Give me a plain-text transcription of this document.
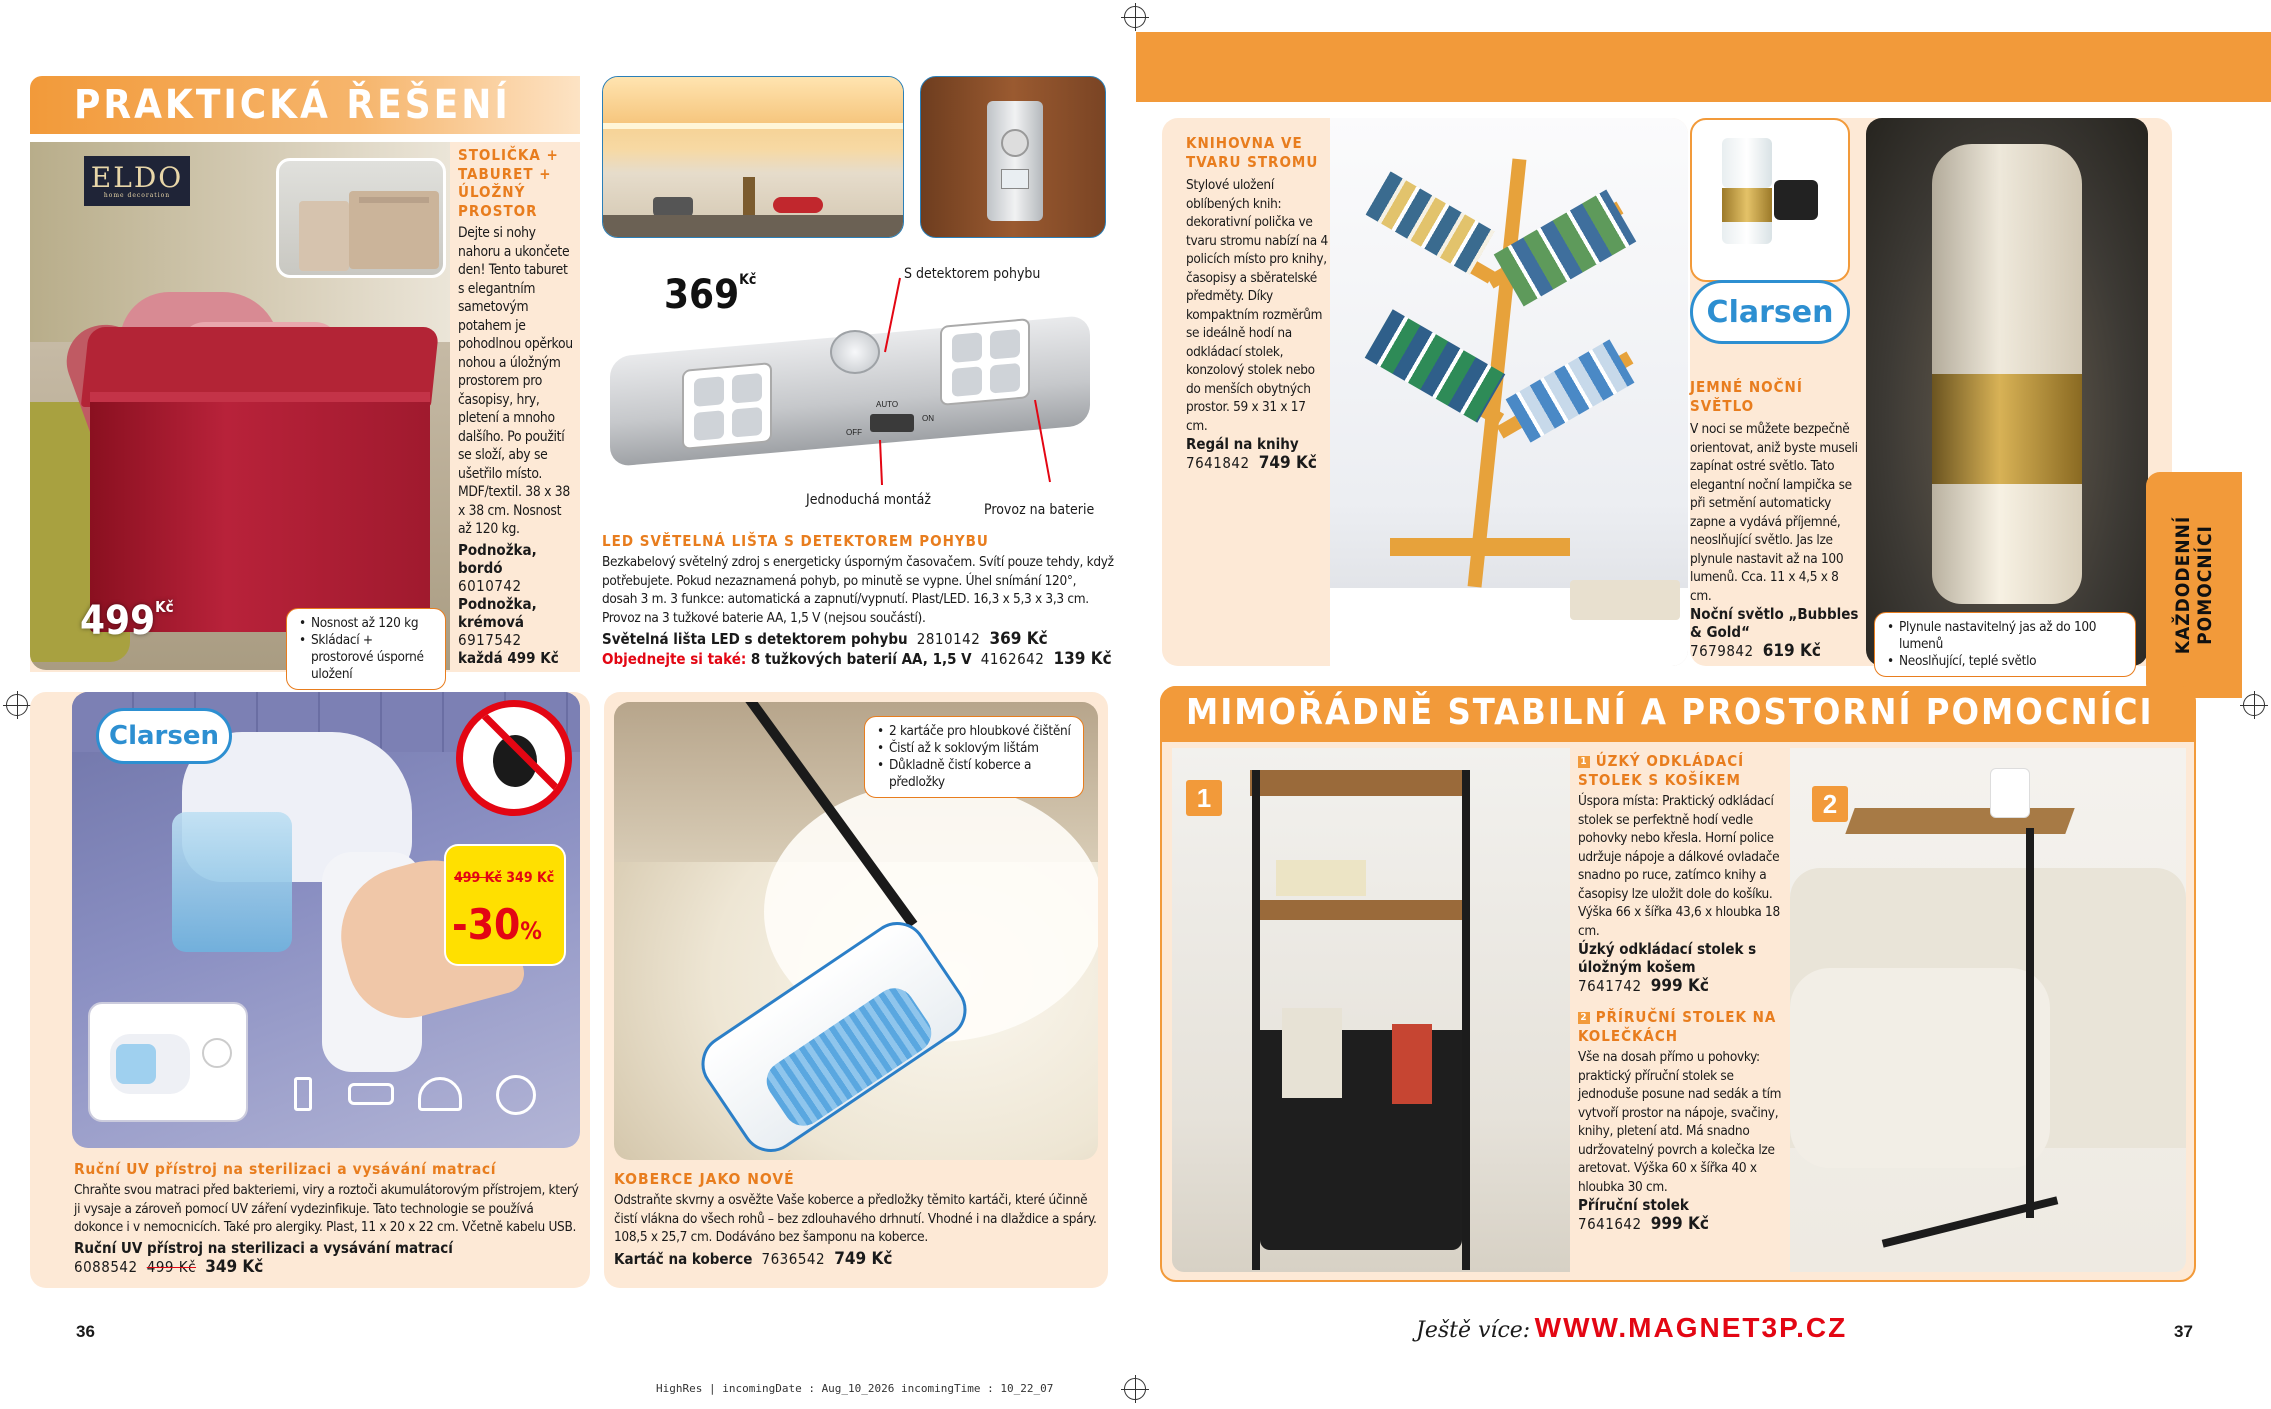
PRAKTICKÁ ŘEŠENÍ
ELDO
home decoration
$499^{Kč}$
• Nosnost až 120 kg
• Skládací + prostorové úsporné uložení
STOLIČKA + TABURET + ÚLOŽNÝ PROSTOR
Dejte si nohy nahoru a ukončete den! Tento taburet s elegantním sametovým potahem je pohodlnou opěrkou nohou a úložným prostorem pro časopisy, hry, pletení a mnoho dalšího. Po použití se složí, aby se ušetřilo místo. MDF/textil. 38 x 38 x 38 cm. Nosnost až 120 kg.
Podnožka, bordó
6010742
Podnožka, krémová
6917542
každá 499 Kč
$369^{Kč}$	S detektorem pohybu
AUTO
OFF
ON
Jednoduchá montáž
Provoz na baterie
LED SVĚTELNÁ LIŠTA S DETEKTOREM POHYBU
Bezkabelový světelný zdroj s energeticky úsporným časovačem. Svítí pouze tehdy, když potřebujete. Pokud nezaznamená pohyb, po minutě se vypne. Úhel snímání 120°, dosah 3 m. 3 funkce: automatická a zapnutí/vypnutí. Plast/LED. 16,3 x 5,3 x 3,3 cm. Provoz na 3 tužkové baterie AA, 1,5 V (nejsou součástí).
Světelná lišta LED s detektorem pohybu 2810142 369 Kč
Objednejte si také: 8 tužkových baterií AA, 1,5 V 4162642 139 Kč
Clarsen
499 Kč 349 Kč
-30%
Ruční UV přístroj na sterilizaci a vysávání matrací
Chraňte svou matraci před bakteriemi, viry a roztoči akumulátorovým přístrojem, který ji vysaje a zároveň pomocí UV záření vydezinfikuje. Tato technologie se používá dokonce i v nemocnicích. Také pro alergiky. Plast, 11 x 20 x 22 cm. Včetně kabelu USB.
Ruční UV přístroj na sterilizaci a vysávání matrací
6088542 499 Kč 349 Kč
• 2 kartáče pro hloubkové čištění
• Čistí až k soklovým lištám
• Důkladně čistí koberce a předložky
KOBERCE JAKO NOVÉ
Odstraňte skvrny a osvěžte Vaše koberce a předložky těmito kartáči, které účinně čistí vlákna do všech rohů – bez zdlouhavého drhnutí. Vhodné i na dlaždice a spáry. 108,5 x 25,7 cm. Dodáváno bez šamponu na koberce.
Kartáč na koberce 7636542 749 Kč
KNIHOVNA VE TVARU STROMU
Stylové uložení oblíbených knih: dekorativní polička ve tvaru stromu nabízí na 4 policích místo pro knihy, časopisy a sběratelské předměty. Díky kompaktním rozměrům se ideálně hodí na odkládací stolek, konzolový stolek nebo do menších obytných prostor. 59 x 31 x 17 cm.
Regál na knihy
7641842 749 Kč
Clarsen
• Plynule nastavitelný jas až do 100 lumenů
• Neoslňující, teplé světlo
JEMNÉ NOČNÍ SVĚTLO
V noci se můžete bezpečně orientovat, aniž byste museli zapínat ostré světlo. Tato elegantní noční lampička se při setmění automaticky zapne a vydává příjemné, neoslňující světlo. Jas lze plynule nastavit až na 100 lumenů. Cca. 11 x 4,5 x 8 cm.
Noční světlo „Bubbles & Gold“
7679842 619 Kč	KAŽDODENNÍ POMOCNÍCI
MIMOŘÁDNĚ STABILNÍ A PROSTORNÍ POMOCNÍCI
1
1 ÚZKÝ ODKLÁDACÍ STOLEK S KOŠÍKEM
Úspora místa: Praktický odkládací stolek se perfektně hodí vedle pohovky nebo křesla. Horní police udržuje nápoje a dálkové ovladače snadno po ruce, zatímco knihy a časopisy lze uložit dole do košíku. Výška 66 x šířka 43,6 x hloubka 18 cm.
Úzký odkládací stolek s úložným košem
7641742 999 Kč
2 PŘÍRUČNÍ STOLEK NA KOLEČKÁCH
Vše na dosah přímo u pohovky: praktický příruční stolek se jednoduše posune nad sedák a tím vytvoří prostor na nápoje, svačiny, knihy, pletení atd. Má snadno udržovatelný povrch a kolečka lze aretovat. Výška 60 x šířka 40 x hloubka 30 cm.
Příruční stolek
7641642 999 Kč
2
36	Ještě více: WWW.MAGNET3P.CZ	37
HighRes | incomingDate : Aug_10_2026 incomingTime : 10_22_07
